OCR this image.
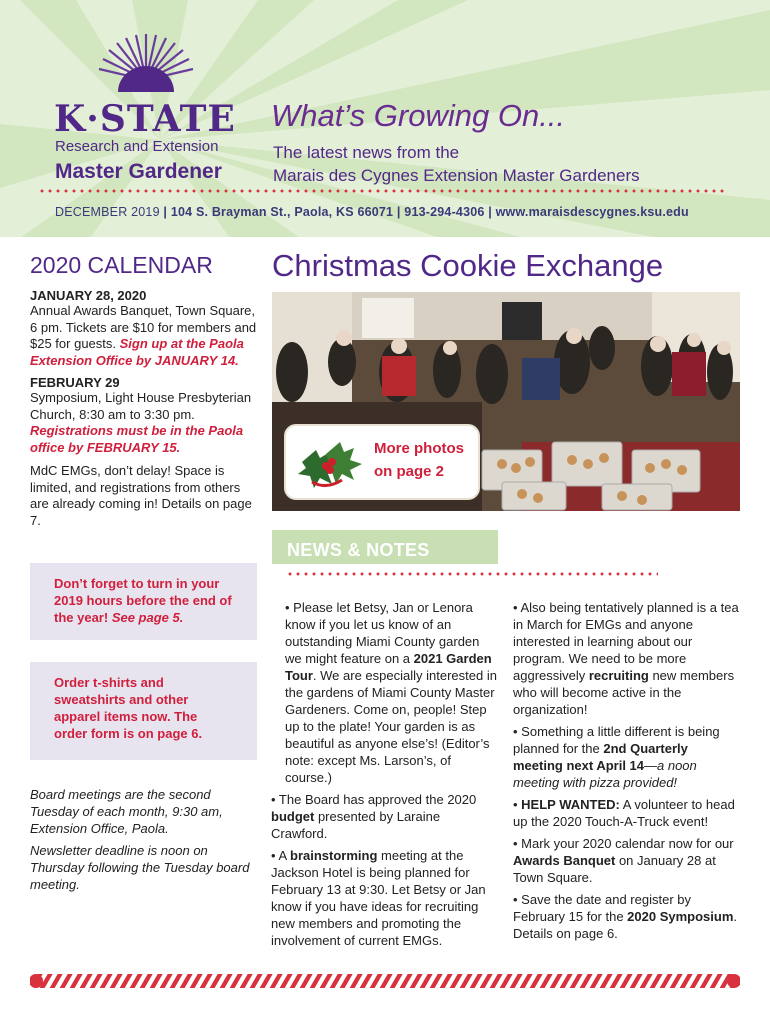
K·STATE
Research and Extension
Master Gardener
What’s Growing On...
The latest news from the
Marais des Cygnes Extension Master Gardeners
DECEMBER 2019 | 104 S. Brayman St., Paola, KS 66071 | 913-294-4306 | www.maraisdescygnes.ksu.edu
2020 CALENDAR
JANUARY 28, 2020
Annual Awards Banquet, Town Square, 6 pm. Tickets are $10 for members and $25 for guests. Sign up at the Paola Extension Office by JANUARY 14.
FEBRUARY 29
Symposium, Light House Presbyterian Church, 8:30 am to 3:30 pm. Registrations must be in the Paola office by FEBRUARY 15.
MdC EMGs, don’t delay! Space is limited, and registrations from others are already coming in! Details on page 7.
Don’t forget to turn in your 2019 hours before the end of the year! See page 5.
Order t-shirts and sweatshirts and other apparel items now. The order form is on page 6.

Board meetings are the second Tuesday of each month, 9:30 am, Extension Office, Paola.

Newsletter deadline is noon on Thursday following the Tuesday board meeting.

Christmas Cookie Exchange
More photos
on page 2
NEWS & NOTES

• Please let Betsy, Jan or Lenora know if you let us know of an outstanding Miami County garden we might feature on a 2021 Garden Tour. We are especially interested in the gardens of Miami County Master Gardeners. Come on, people! Step up to the plate! Your garden is as beautiful as anyone else’s! (Editor’s note: except Ms. Larson’s, of course.)

• The Board has approved the 2020 budget presented by Laraine Crawford.

• A brainstorming meeting at the Jackson Hotel is being planned for February 13 at 9:30. Let Betsy or Jan know if you have ideas for recruiting new members and promoting the involvement of current EMGs.

• Also being tentatively planned is a tea in March for EMGs and anyone interested in learning about our program. We need to be more aggressively recruiting new members who will become active in the organization!

• Something a little different is being planned for the 2nd Quarterly meeting next April 14—a noon meeting with pizza provided!

• HELP WANTED: A volunteer to head up the 2020 Touch-A-Truck event!

• Mark your 2020 calendar now for our Awards Banquet on January 28 at Town Square.

• Save the date and register by February 15 for the 2020 Symposium. Details on page 6.
